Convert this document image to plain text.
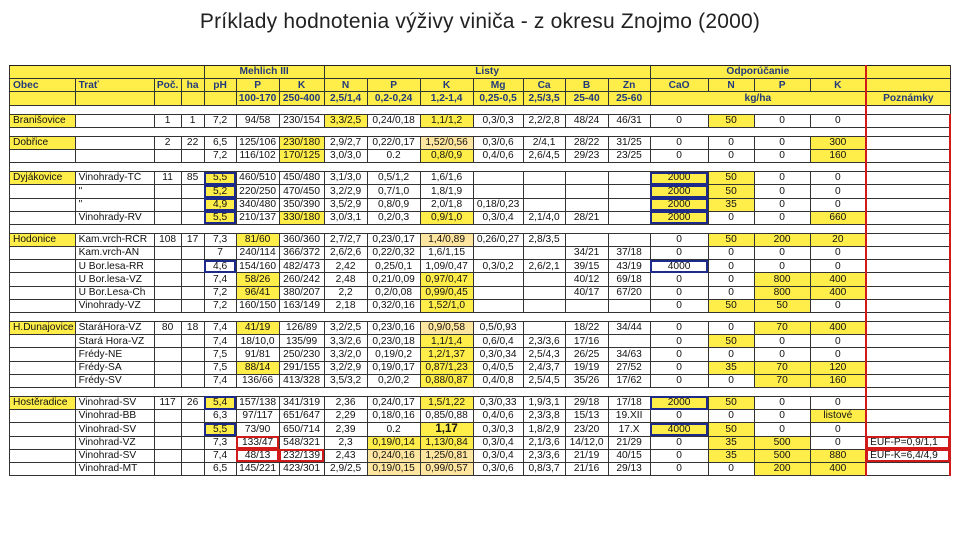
Príklady hodnotenia výživy viniča - z okresu Znojmo (2000)
				Mehlich III			Listy							Odporúčanie				
Obec	Trať	Poč.	ha	pH	P	K	N	P	K	Mg	Ca	B	Zn	CaO	N	P	K	
					100-170	250-400	2,5/1,4	0,2-0,24	1,2-1,4	0,25-0,5	2,5/3,5	25-40	25-60	kg/ha				Poznámky

Branišovice		1	1	7,2	94/58	230/154	3,3/2,5	0,24/0,18	1,1/1,2	0,3/0,3	2,2/2,8	48/24	46/31	0	50	0	0	

Dobřice		2	22	6,5	125/106	230/180	2,9/2,7	0,22/0,17	1,52/0,56	0,3/0,6	2/4,1	28/22	31/25	0	0	0	300	
				7,2	116/102	170/125	3,0/3,0	0.2	0,8/0,9	0,4/0,6	2,6/4,5	29/23	23/25	0	0	0	160	

Dyjákovice	Vinohrady-TČ	11	85	5,5	460/510	450/480	3,1/3,0	0,5/1,2	1,6/1,6					2000	50	0	0	
	"			5,2	220/250	470/450	3,2/2,9	0,7/1,0	1,8/1,9					2000	50	0	0	
	"			4,9	340/480	350/390	3,5/2,9	0,8/0,9	2,0/1,8	0,18/0,23				2000	35	0	0	
	Vinohrady-RV			5,5	210/137	330/180	3,0/3,1	0,2/0,3	0,9/1,0	0,3/0,4	2,1/4,0	28/21		2000	0	0	660	

Hodonice	Kam.vrch-RČR	108	17	7,3	81/60	360/360	2,7/2,7	0,23/0,17	1,4/0,89	0,26/0,27	2,8/3,5			0	50	200	20	
	Kam.vrch-AN			7	240/114	366/372	2,6/2,6	0,22/0,32	1,6/1,15			34/21	37/18	0	0	0	0	
	U Bor.lesa-RR			4,6	154/160	482/473	2,42	0,25/0,1	1,09/0,47	0,3/0,2	2,6/2,1	39/15	43/19	4000	0	0	0	
	U Bor.lesa-VZ			7,4	58/26	260/242	2,48	0,21/0,09	0,97/0,47			40/12	69/18	0	0	800	400	
	U Bor.Lesa-Ch			7,2	96/41	380/207	2,2	0,2/0,08	0,99/0,45			40/17	67/20	0	0	800	400	
	Vinohrady-VZ			7,2	160/150	163/149	2,18	0,32/0,16	1,52/1,0					0	50	50	0	

H.Dunajovice	StaráHora-VZ	80	18	7,4	41/19	126/89	3,2/2,5	0,23/0,16	0,9/0,58	0,5/0,93		18/22	34/44	0	0	70	400	
	Stará Hora-VZ			7,4	18/10,0	135/99	3,3/2,6	0,23/0,18	1,1/1,4	0,6/0,4	2,3/3,6	17/16		0	50	0	0	
	Frédy-NE			7,5	91/81	250/230	3,3/2,0	0,19/0,2	1,2/1,37	0,3/0,34	2,5/4,3	26/25	34/63	0	0	0	0	
	Frédy-SA			7,5	88/14	291/155	3,2/2,9	0,19/0,17	0,87/1,23	0,4/0,5	2,4/3,7	19/19	27/52	0	35	70	120	
	Frédy-SV			7,4	136/66	413/328	3,5/3,2	0,2/0,2	0,88/0,87	0,4/0,8	2,5/4,5	35/26	17/62	0	0	70	160	

Hostěradice	Vinohrad-SV	117	26	5,4	157/138	341/319	2,36	0,24/0,17	1,5/1,22	0,3/0,33	1,9/3,1	29/18	17/18	2000	50	0	0	
	Vinohrad-BB			6,3	97/117	651/647	2,29	0,18/0,16	0,85/0,88	0,4/0,6	2,3/3,8	15/13	19.XII	0	0	0	listové	
	Vinohrad-SV			5,5	73/90	650/714	2,39	0.2	1,17	0,3/0,3	1,8/2,9	23/20	17.X	4000	50	0	0	
	Vinohrad-VZ			7,3	133/47	548/321	2,3	0,19/0,14	1,13/0,84	0,3/0,4	2,1/3,6	14/12,0	21/29	0	35	500	0	EUF-P=0,9/1,1
	Vinohrad-SV			7,4	48/13	232/139	2,43	0,24/0,16	1,25/0,81	0,3/0,4	2,3/3,6	21/19	40/15	0	35	500	880	EUF-K=6,4/4,9
	Vinohrad-MT			6,5	145/221	423/301	2,9/2,5	0,19/0,15	0,99/0,57	0,3/0,6	0,8/3,7	21/16	29/13	0	0	200	400	
